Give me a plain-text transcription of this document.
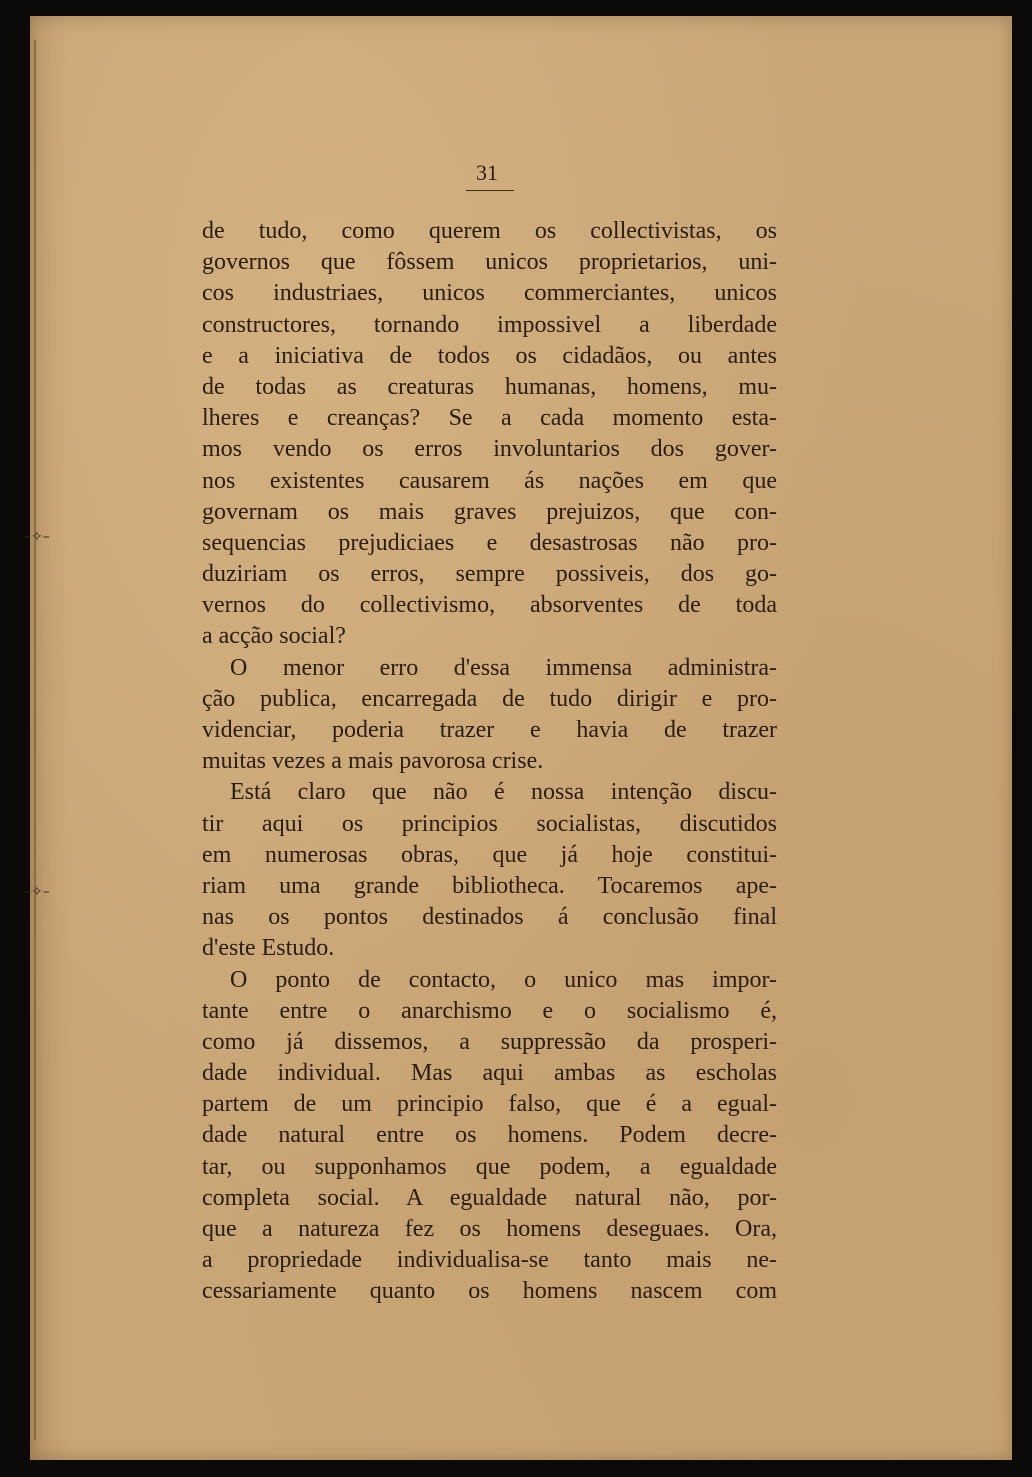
–✧–
–✧–
31
de tudo, como querem os collectivistas, os
governos que fôssem unicos proprietarios, uni-
cos industriaes, unicos commerciantes, unicos
constructores, tornando impossivel a liberdade
e a iniciativa de todos os cidadãos, ou antes
de todas as creaturas humanas, homens, mu-
lheres e creanças? Se a cada momento esta-
mos vendo os erros involuntarios dos gover-
nos existentes causarem ás nações em que
governam os mais graves prejuizos, que con-
sequencias prejudiciaes e desastrosas não pro-
duziriam os erros, sempre possiveis, dos go-
vernos do collectivismo, absorventes de toda
a acção social?
O menor erro d'essa immensa administra-
ção publica, encarregada de tudo dirigir e pro-
videnciar, poderia trazer e havia de trazer
muitas vezes a mais pavorosa crise.
Está claro que não é nossa intenção discu-
tir aqui os principios socialistas, discutidos
em numerosas obras, que já hoje constitui-
riam uma grande bibliotheca. Tocaremos ape-
nas os pontos destinados á conclusão final
d'este Estudo.
O ponto de contacto, o unico mas impor-
tante entre o anarchismo e o socialismo é,
como já dissemos, a suppressão da prosperi-
dade individual. Mas aqui ambas as escholas
partem de um principio falso, que é a egual-
dade natural entre os homens. Podem decre-
tar, ou supponhamos que podem, a egualdade
completa social. A egualdade natural não, por-
que a natureza fez os homens deseguaes. Ora,
a propriedade individualisa-se tanto mais ne-
cessariamente quanto os homens nascem com
